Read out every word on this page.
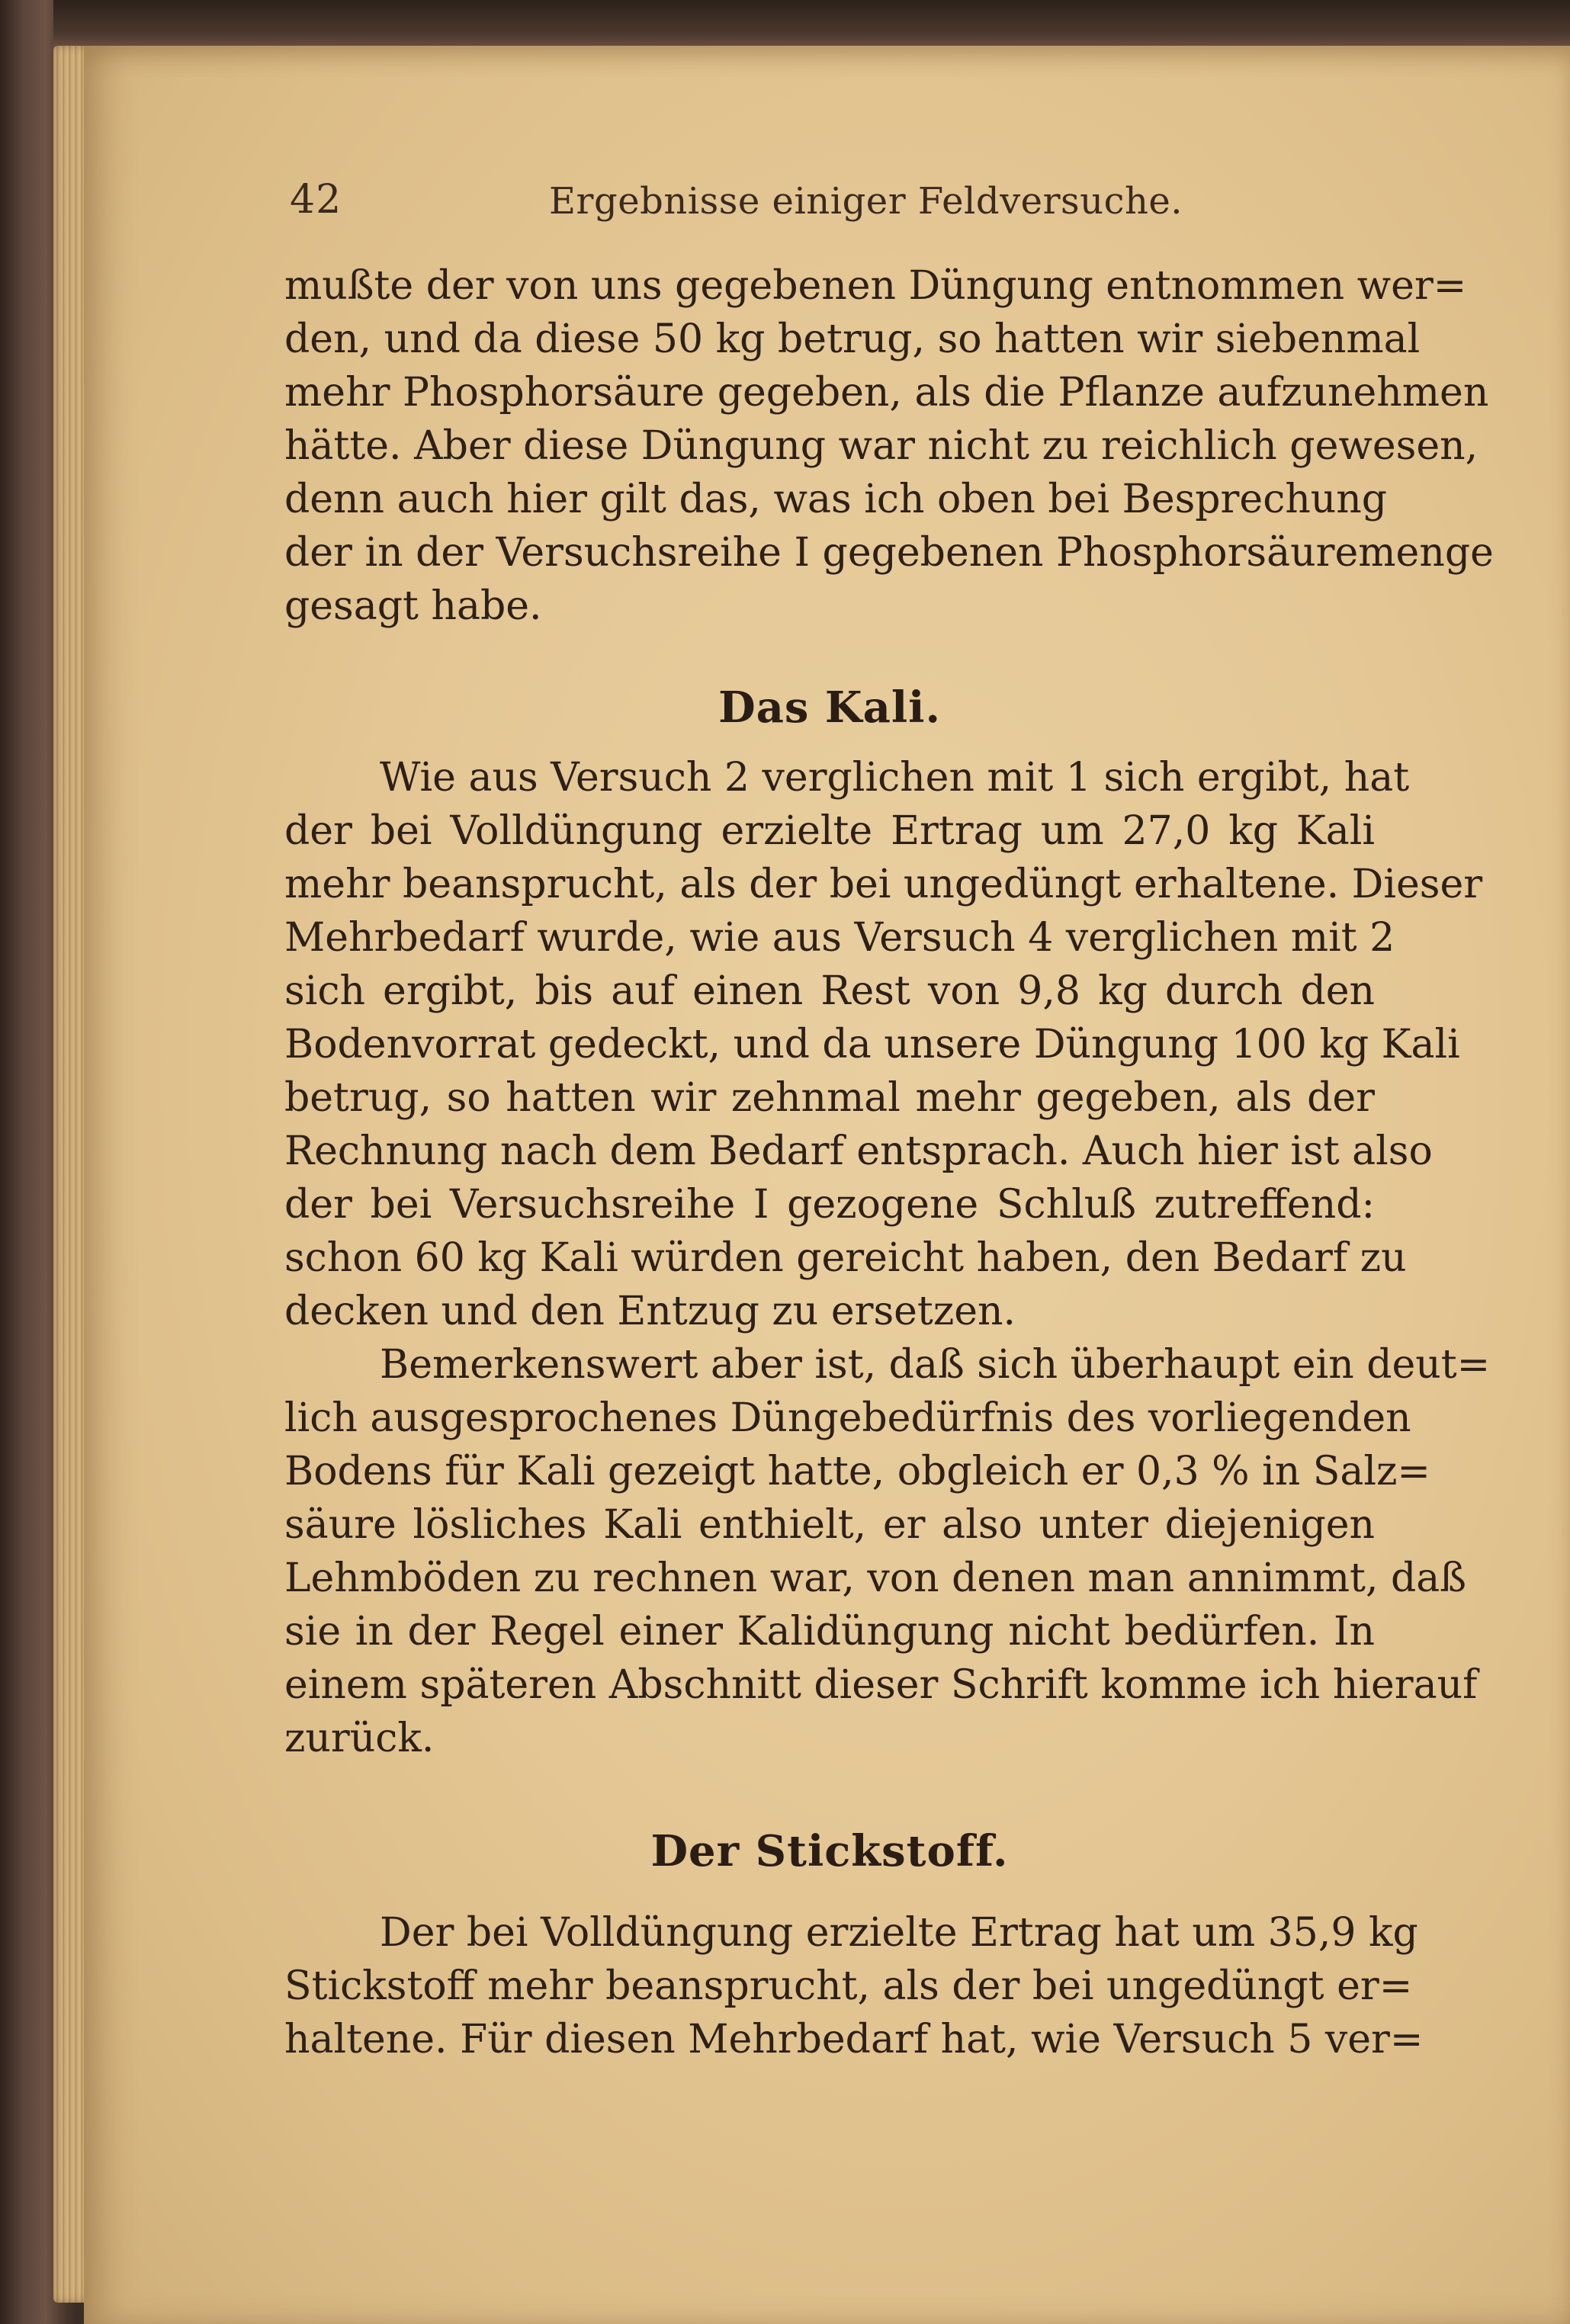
42	Ergebnisse einiger Feldversuche.
mußte der von uns gegebenen Düngung entnommen wer=
den, und da diese 50 kg betrug, so hatten wir siebenmal
mehr Phosphorsäure gegeben, als die Pflanze aufzunehmen
hätte. Aber diese Düngung war nicht zu reichlich gewesen,
denn auch hier gilt das, was ich oben bei Besprechung
der in der Versuchsreihe I gegebenen Phosphorsäuremenge
gesagt habe.
Das Kali.
Wie aus Versuch 2 verglichen mit 1 sich ergibt, hat
der bei Volldüngung erzielte Ertrag um 27,0 kg Kali
mehr beansprucht, als der bei ungedüngt erhaltene. Dieser
Mehrbedarf wurde, wie aus Versuch 4 verglichen mit 2
sich ergibt, bis auf einen Rest von 9,8 kg durch den
Bodenvorrat gedeckt, und da unsere Düngung 100 kg Kali
betrug, so hatten wir zehnmal mehr gegeben, als der
Rechnung nach dem Bedarf entsprach. Auch hier ist also
der bei Versuchsreihe I gezogene Schluß zutreffend:
schon 60 kg Kali würden gereicht haben, den Bedarf zu
decken und den Entzug zu ersetzen.
Bemerkenswert aber ist, daß sich überhaupt ein deut=
lich ausgesprochenes Düngebedürfnis des vorliegenden
Bodens für Kali gezeigt hatte, obgleich er 0,3 % in Salz=
säure lösliches Kali enthielt, er also unter diejenigen
Lehmböden zu rechnen war, von denen man annimmt, daß
sie in der Regel einer Kalidüngung nicht bedürfen. In
einem späteren Abschnitt dieser Schrift komme ich hierauf
zurück.
Der Stickstoff.
Der bei Volldüngung erzielte Ertrag hat um 35,9 kg
Stickstoff mehr beansprucht, als der bei ungedüngt er=
haltene. Für diesen Mehrbedarf hat, wie Versuch 5 ver=
